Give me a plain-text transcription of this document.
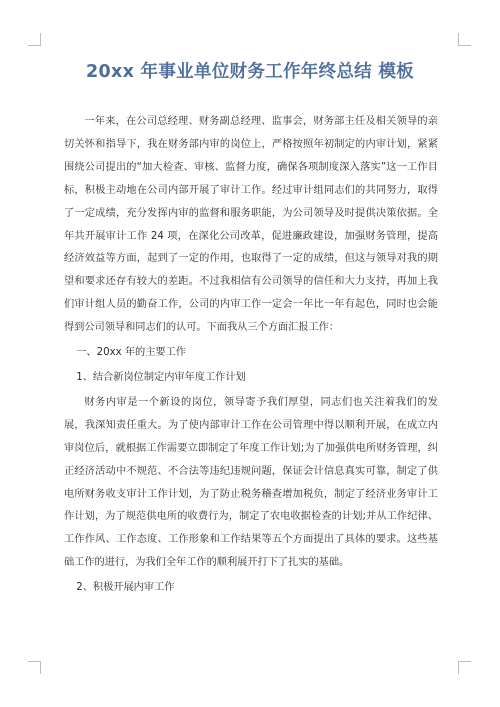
20xx 年事业单位财务工作年终总结 模板

一年来，在公司总经理、财务副总经理、监事会，财务部主任及相关领导的亲切关怀和指导下，我在财务部内审的岗位上，严格按照年初制定的内审计划，紧紧围绕公司提出的“加大检查、审核、监督力度，确保各项制度深入落实”这一工作目标，积极主动地在公司内部开展了审计工作。经过审计组同志们的共同努力，取得了一定成绩，充分发挥内审的监督和服务职能，为公司领导及时提供决策依据。全年共开展审计工作 24 项，在深化公司改革，促进廉政建设，加强财务管理，提高经济效益等方面，起到了一定的作用，也取得了一定的成绩，但这与领导对我的期望和要求还存有较大的差距。不过我相信有公司领导的信任和大力支持，再加上我们审计组人员的勤奋工作，公司的内审工作一定会一年比一年有起色，同时也会能得到公司领导和同志们的认可。下面我从三个方面汇报工作：

一、20xx 年的主要工作

1、结合新岗位制定内审年度工作计划

财务内审是一个新设的岗位，领导寄予我们厚望，同志们也关注着我们的发展，我深知责任重大。为了使内部审计工作在公司管理中得以顺利开展，在成立内审岗位后，就根据工作需要立即制定了年度工作计划;为了加强供电所财务管理，纠正经济活动中不规范、不合法等违纪违规问题，保证会计信息真实可靠，制定了供电所财务收支审计工作计划，为了防止税务稽查增加税负，制定了经济业务审计工作计划，为了规范供电所的收费行为，制定了农电收据检查的计划;并从工作纪律、工作作风、工作态度、工作形象和工作结果等五个方面提出了具体的要求。这些基础工作的进行，为我们全年工作的顺利展开打下了扎实的基础。

2、积极开展内审工作
